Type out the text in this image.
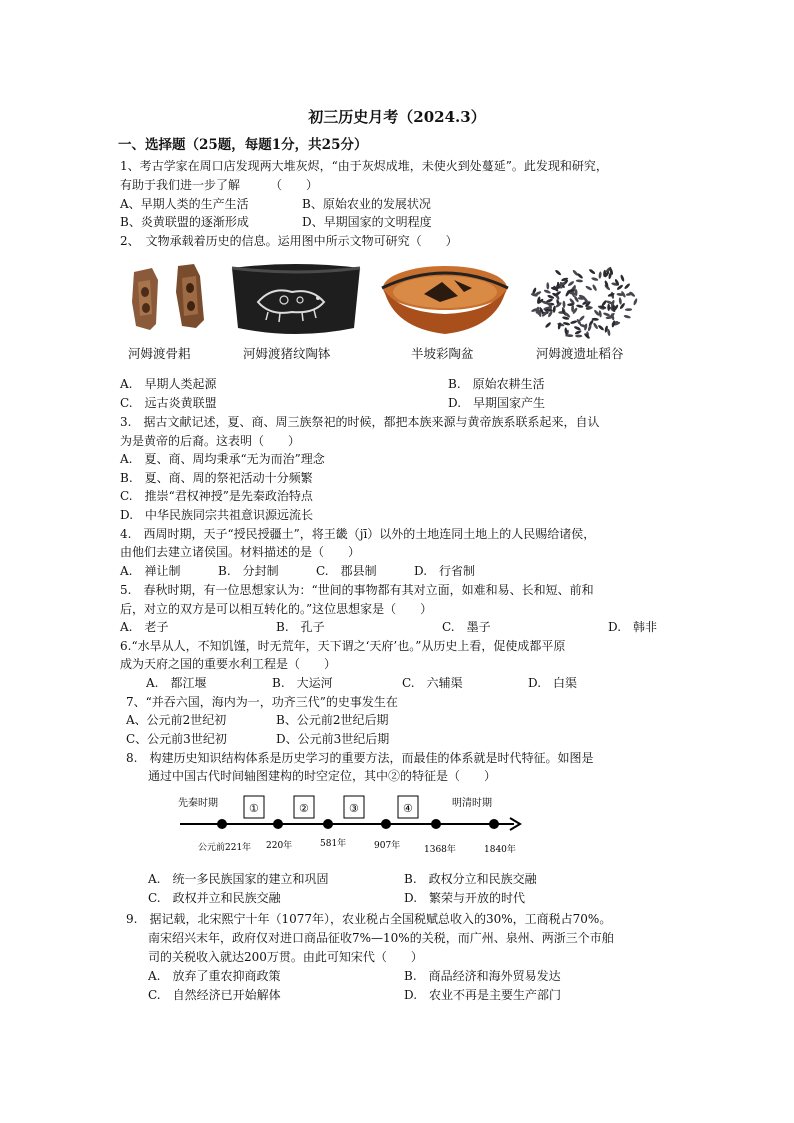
初三历史月考（2024.3）
一、选择题（25题，每题1分，共25分）
1、考古学家在周口店发现两大堆灰烬，“由于灰烬成堆，未使火到处蔓延”。此发现和研究，
有助于我们进一步了解　　　（　　）
A、早期人类的生产生活	B、原始农业的发展状况
B、炎黄联盟的逐渐形成	D、早期国家的文明程度
2、　文物承载着历史的信息。运用图中所示文物可研究（　　）
河姆渡骨耜	河姆渡猪纹陶钵	半坡彩陶盆	河姆渡遗址稻谷
A.　早期人类起源	B.　原始农耕生活
C.　远古炎黄联盟	D.　早期国家产生
3.　据古文献记述，夏、商、周三族祭祀的时候，都把本族来源与黄帝族系联系起来，自认
为是黄帝的后裔。这表明（　　）
A.　夏、商、周均秉承“无为而治”理念
B.　夏、商、周的祭祀活动十分频繁
C.　推崇“君权神授”是先秦政治特点
D.　中华民族同宗共祖意识源远流长
4.　西周时期，天子“授民授疆土”，将王畿（jī）以外的土地连同土地上的人民赐给诸侯，
由他们去建立诸侯国。材料描述的是（　　）
A.　禅让制	B.　分封制	C.　郡县制	D.　行省制
5.　春秋时期，有一位思想家认为：“世间的事物都有其对立面，如难和易、长和短、前和
后，对立的双方是可以相互转化的。”这位思想家是（　　）
A.　老子	B.　孔子	C.　墨子	D.　韩非
6.“水旱从人，不知饥馑，时无荒年，天下谓之‘天府’也。”从历史上看，促使成都平原
成为天府之国的重要水利工程是（　　）
A.　都江堰	B.　大运河	C.　六辅渠	D.　白渠
7、“并吞六国，海内为一，功齐三代”的史事发生在
A、公元前2世纪初	B、公元前2世纪后期
C、公元前3世纪初	D、公元前3世纪后期
8.　构建历史知识结构体系是历史学习的重要方法，而最佳的体系就是时代特征。如图是
通过中国古代时间轴图建构的时空定位，其中②的特征是（　　）
先秦时期	明清时期
①	②	③	④
公元前221年 220年	581年	907年	1368年	1840年
A.　统一多民族国家的建立和巩固	B.　政权分立和民族交融
C.　政权并立和民族交融	D.　繁荣与开放的时代
9.　据记载，北宋熙宁十年（1077年），农业税占全国税赋总收入的30%，工商税占70%。
南宋绍兴末年，政府仅对进口商品征收7%—10%的关税，而广州、泉州、两浙三个市舶
司的关税收入就达200万贯。由此可知宋代（　　）
A.　放弃了重农抑商政策	B.　商品经济和海外贸易发达
C.　自然经济已开始解体	D.　农业不再是主要生产部门
